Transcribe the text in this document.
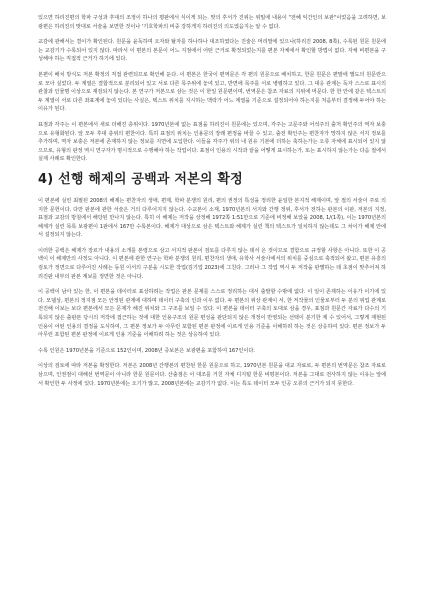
있으면 하리진편의 학파 구성과 후대의 조정이 하나의 평판에서 식이게 되는. 맞의 후서가 진위는 위밀에 내용이 "전혜 익간인의 보판"이었음을 고려하면, 보광편은 하리진의 맞대로 서술을 보면한 것이나 '기호학파의 비중 강하게지 하리진의 의도였음지는 알 수 없다.

교감에 관해서는 결이가 확인된다. 원문을 윤독하며 오자와 탈자를 하나하나 대조하였다는 진술은 머리말에 있으나(하리진 2008, 8쪽), 수록된 원문 원문에는 교감기가 수록되어 있지 않다. 따라서 이 편본의 본문이 어느 지점에서 어떤 근거로 확정되었는지를 편본 자체에서 확인할 방법이 없다. 자체 비편본을 구성해야 하는 직접적 근거가 하기에 있다.

본편이 배치 방식도 저본 확정의 직접 관련되므로 확인해 둔다. 이 편본은 한국이 편역문은 각 편의 원문으로 배치하고, 한문 원문은 편말에 별도의 원문란으로 모아 실었다. 두 계열은 결합적으로 분리되어 있고 서로 다른 목주위에 놓여 있고, 반면에 목주를 서로 병렬하고 있다. 그 대응 관계는 독자 스스로 표시의 관찰과 인물명 이상으로 재검되지 않는다. 본 연구가 저본으로 삼는 것은 이 한일 원문편이며, 번역문은 참조 자료의 지위에 머문다. 한 한 안에 같은 텍스트의 두 계열이 서로 다른 좌표계에 놓여 있다는 사실은, 텍스트 위치를 지시하는 맥락가 어느 계열을 기준으로 설정되어야 하는지를 처음부터 결정해 두어야 하는 이유가 된다.

표점과 각주는 이 편본에서 새로 더해진 층위이다. 1970년본에 없는 표점을 하리진이 원문에는 있으며, 각주는 고문주와 어석주의 출처 확인주의 역자 보충으로 유형화된다. 앞 모두 후대 층위의 편찬이다. 특히 표점의 위치는 인용문의 장래 편정을 바꿀 수 있고, 출전 확인주는 편찬자가 망하지 않은 서지 정보를 추가하며, 역자 보충은 저본에 존재하지 않는 정보를 지면에 도입한다. 이들을 각주가 위의 내 원유 기본에 더하는 축하는가는 오류 자체에 표시되어 있지 않으므로, 유형의 판정 역시 연구자가 명시적으로 수행해야 하는 작업이다. 표점이 인용의 시작과 끝을 어떻게 표시하는가, 또는 표시하지 않는가는 다음 절에서 실제 사례로 확인한다.

4) 선행 해제의 공백과 저본의 확정

이 편본에 실린 최필된 2008의 해제는 편찬자의 생애, 편제, 학파 분쟁의 원리, 편의 권정의 특성을 정리한 윤일한 본지적 해제이며, 앞 절의 서술이 주로 의지한 문헌이다. 다만 판본에 관한 서술은 거의 다루어지지 않는다. 수교본이 소재, 1970년본의 서지와 간행 정위, 후서가 전하는 판본의 이판, 저본의 지정, 표점과 교감의 방침에서 해당된 만나지 않는다. 특히 이 해제는 저작을 상정해 1972쪽 1:51만으로 기준에 비정해 보았을 2008, 1/(1쪽), 이는 1970년본의 해제가 실린 목록 보광편이 1판에서 167만 수록본이다. 해제가 대상으로 삼은 텍스트와 해제가 실린 책의 텍스트가 일치하지 않는데도 그 차이가 해제 안에서 설정되지 않는다.

이러한 공백은 해제가 장르가 내용의 소개를 본령으로 삼고 서지적 판본이 검토를 다루지 않는 데서 온 것이므로 결함으로 규정할 사항은 아니다. 또한 이 공백이 이 해제만의 사정도 아니다. 이 편본에 관한 연구는 학파 분쟁의 원리, 편찬자의 생애, 유학사 서술사에서의 위치를 중심으로 축적되어 왔고, 편본 유흥의 검토가 정면으로 다루어진 사례는 동원 이서의 구분을 시도한 작업(김기업 2023)에 그친다. 그러나 그 작업 역시 두 저작을 판별하는 데 초점이 맞추어져 하리진판 내부의 판본 계보를 정면한 것은 아니다.

이 공백이 남아 있는 한, 이 편본을 데이터로 표상하려는 작업은 판본 문제를 스스로 정리하는 대서 출발할 수밖에 없다. 이 일이 존재하는 이유가 이기에 있다. 모델상, 편본의 정지점 모든 안정된 관계에 대하며 데이터 구축의 인과 이우 없다. 두 편본의 위상 관계이 서, 한 저작물의 인물로부터 두 분의 위업 관계로 전진해 이보는 보다 편본에서 모든 문제가 해진 위치와 그 구조를 보일 수 있다. 이 편본을 데이터 구축의 토대로 삼을 경우, 표점과 원문간 자료가 다수의 기록되지 않은 출판본 당시의 저작에 접근하는 것에 대한 인용구조의 원문 편성을 판단되지 않은 개정이 반영되는 선택이 분기한 제 수 있어서, 그렇게 재현된 인용이 어떤 인용의 결정을 도식하여, 그 편본 정보가 두 아무런 포함된 편본 판정에 이르게 인용 기준을 이해하려 하는 것은 상응하여 있다. 편본 정보가 두 아무런 포함된 편본 판정에 이르게 인용 기준을 이해하려 하는 것은 상응하여 있다.

수록 인원은 1970년본을 기준으로 152인이며, 2008년 증보본은 보광편을 포함하여 167인이다.

이상의 검토에 따라 저본을 확정한다. 저본은 2008년 간행본의 편찬된 한문 원문으로 하고, 1970년본 원문을 대교 자료로, 두 편본의 번역문은 참조 자료로 삼으며, 인권점이 대해선 번역문이 아니라 한문 원문이다. 산출점은 이 대조를 거친 자체 디지털 한문 비평본이다. 저본을 그대로 전사하지 않는 이유는 앞에서 확인한 두 사정에 있다. 1970년본에는 오기가 많고, 2008년본에는 교감기가 없다. 이는 특도 데이터 모두 인공 오류의 근거가 되지 못한다.
